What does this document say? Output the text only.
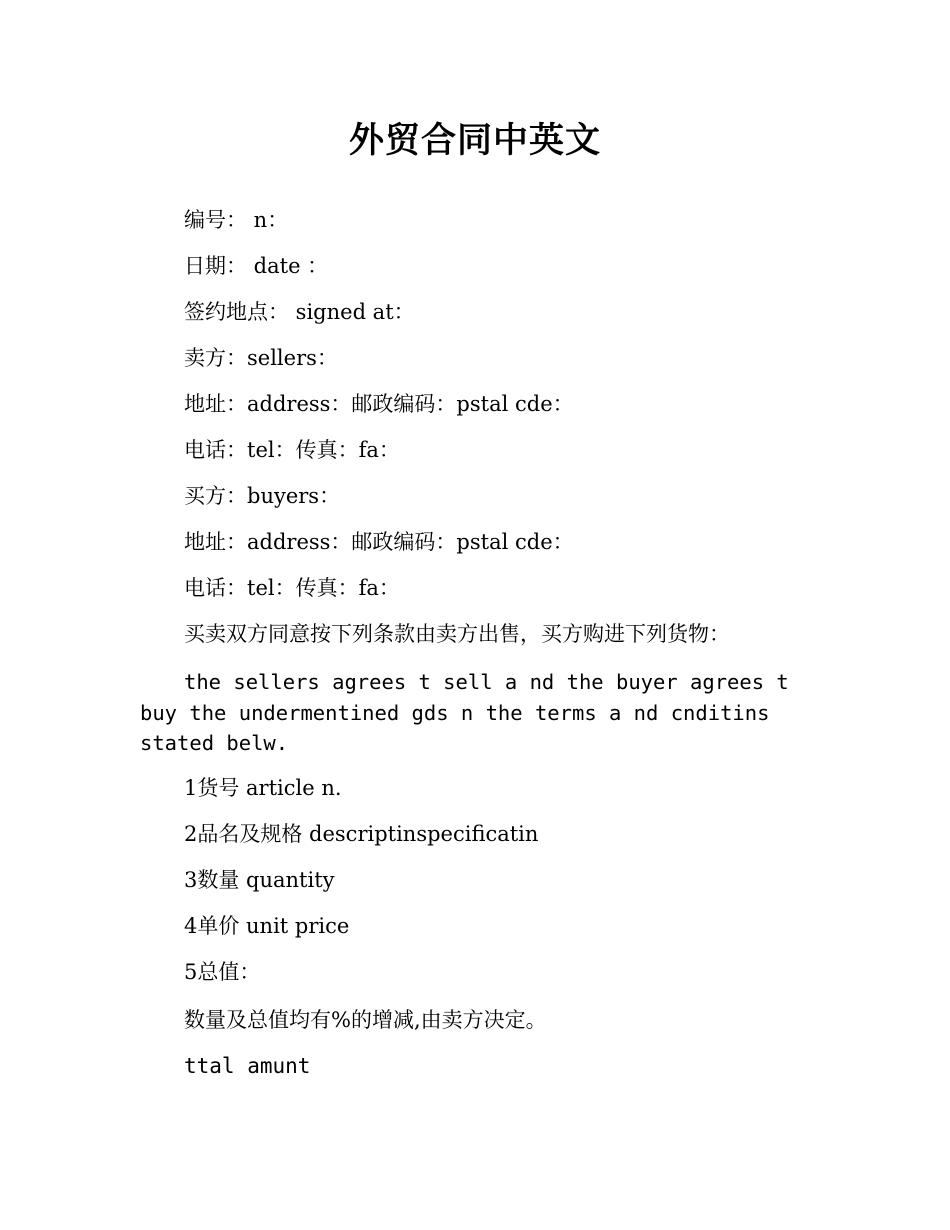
外贸合同中英文
编号： n：
日期： date ：
签约地点： signed at：
卖方：sellers：
地址：address：邮政编码：pstal cde：
电话：tel：传真：fa：
买方：buyers：
地址：address：邮政编码：pstal cde：
电话：tel：传真：fa：
买卖双方同意按下列条款由卖方出售，买方购进下列货物：
the sellers agrees t sell a nd the buyer agrees t buy the undermentined gds n the terms a nd cnditins stated belw.
1货号 article n.
2品名及规格 descriptinspecificatin
3数量 quantity
4单价 unit price
5总值：
数量及总值均有%的增减,由卖方决定。
ttal amunt
